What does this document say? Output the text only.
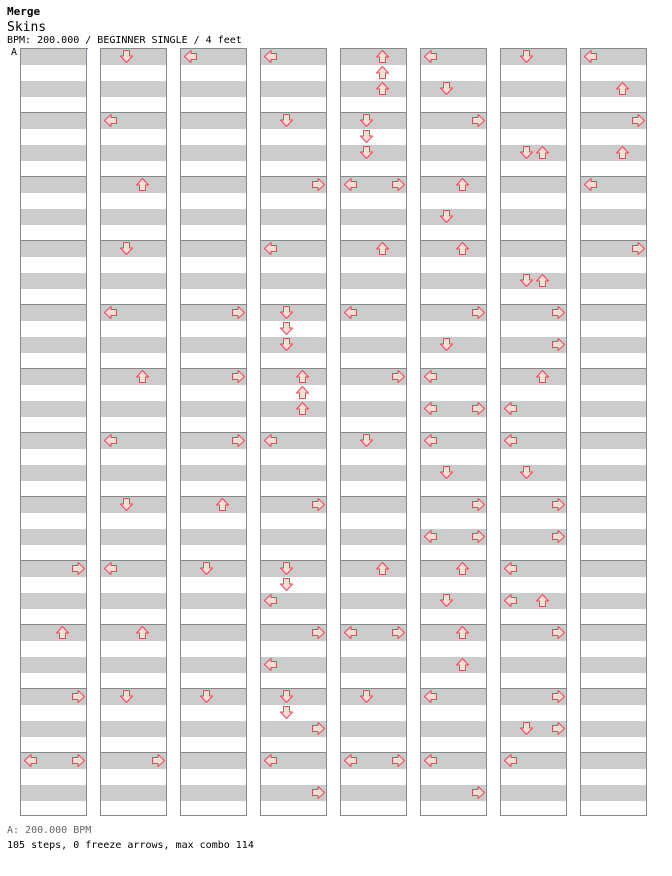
Merge
Skins
BPM: 200.000 / BEGINNER SINGLE / 4 feet
A
A: 200.000 BPM
105 steps, 0 freeze arrows, max combo 114
